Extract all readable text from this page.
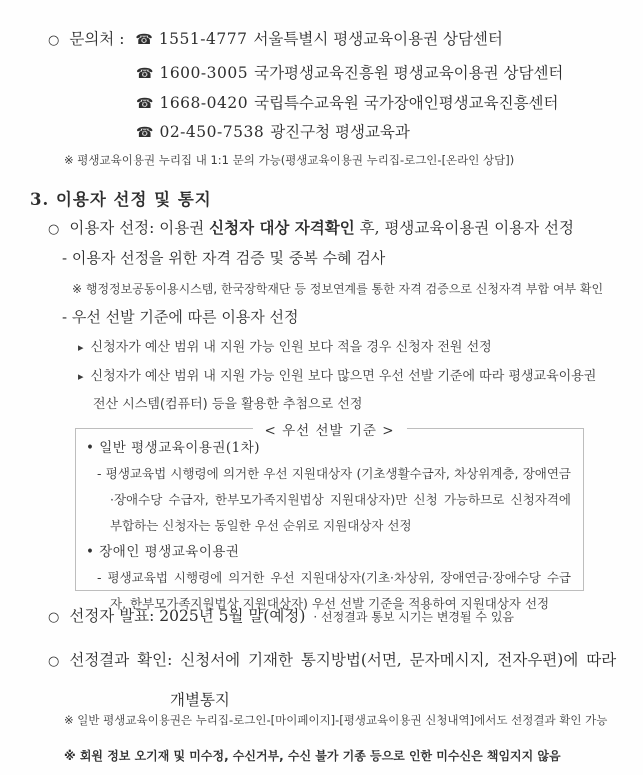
○ 문의처 : ☎ 1551-4777 서울특별시 평생교육이용권 상담센터
☎ 1600-3005 국가평생교육진흥원 평생교육이용권 상담센터
☎ 1668-0420 국립특수교육원 국가장애인평생교육진흥센터
☎ 02-450-7538 광진구청 평생교육과
※ 평생교육이용권 누리집 내 1:1 문의 가능(평생교육이용권 누리집-로그인-[온라인 상담])
3. 이용자 선정 및 통지
○ 이용자 선정: 이용권 신청자 대상 자격확인 후, 평생교육이용권 이용자 선정
- 이용자 선정을 위한 자격 검증 및 중복 수혜 검사
※ 행정정보공동이용시스템, 한국장학재단 등 정보연계를 통한 자격 검증으로 신청자격 부합 여부 확인
- 우선 선발 기준에 따른 이용자 선정
▸ 신청자가 예산 범위 내 지원 가능 인원 보다 적을 경우 신청자 전원 선정
▸ 신청자가 예산 범위 내 지원 가능 인원 보다 많으면 우선 선발 기준에 따라 평생교육이용권 전산 시스템(컴퓨터) 등을 활용한 추첨으로 선정
< 우선 선발 기준 >
• 일반 평생교육이용권(1차)
- 평생교육법 시행령에 의거한 우선 지원대상자 (기초생활수급자, 차상위계층, 장애연금·장애수당 수급자, 한부모가족지원법상 지원대상자)만 신청 가능하므로 신청자격에 부합하는 신청자는 동일한 우선 순위로 지원대상자 선정
• 장애인 평생교육이용권
- 평생교육법 시행령에 의거한 우선 지원대상자(기초·차상위, 장애연금·장애수당 수급자, 한부모가족지원법상 지원대상자) 우선 선발 기준을 적용하여 지원대상자 선정
○ 선정자 발표: 2025년 5월 말(예정) · 선정결과 통보 시기는 변경될 수 있음
○ 선정결과 확인: 신청서에 기재한 통지방법(서면, 문자메시지, 전자우편)에 따라
개별통지
※ 일반 평생교육이용권은 누리집-로그인-[마이페이지]-[평생교육이용권 신청내역]에서도 선정결과 확인 가능
※ 회원 정보 오기재 및 미수정, 수신거부, 수신 불가 기종 등으로 인한 미수신은 책임지지 않음
